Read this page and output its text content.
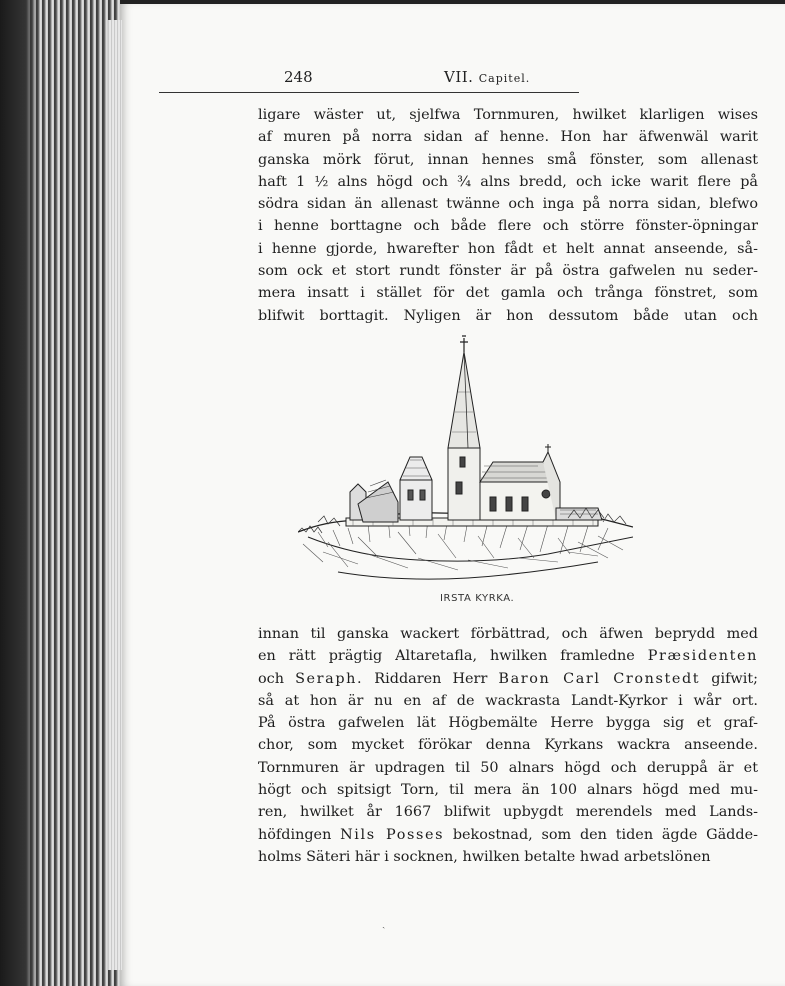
248	VII. Capitel.
ligare wäster ut, sjelfwa Tornmuren, hwilket klarligen wises
af muren på norra sidan af henne. Hon har äfwenwäl warit
ganska mörk förut, innan hennes små fönster, som allenast
haft 1 ½ alns högd och ¾ alns bredd, och icke warit flere på
södra sidan än allenast twänne och inga på norra sidan, blefwo
i henne borttagne och både flere och större fönster-öpningar
i henne gjorde, hwarefter hon fådt et helt annat anseende, så-
som ock et stort rundt fönster är på östra gafwelen nu seder-
mera insatt i stället för det gamla och trånga fönstret, som
blifwit borttagit. Nyligen är hon dessutom både utan och
IRSTA KYRKA.
innan til ganska wackert förbättrad, och äfwen beprydd med
en rätt prägtig Altaretafla, hwilken framledne Præsidenten
och Seraph. Riddaren Herr Baron Carl Cronstedt gifwit;
så at hon är nu en af de wackrasta Landt-Kyrkor i wår ort.
På östra gafwelen lät Högbemälte Herre bygga sig et graf-
chor, som mycket förökar denna Kyrkans wackra anseende.
Tornmuren är updragen til 50 alnars högd och deruppå är et
högt och spitsigt Torn, til mera än 100 alnars högd med mu-
ren, hwilket år 1667 blifwit upbygdt merendels med Lands-
höfdingen Nils Posses bekostnad, som den tiden ägde Gädde-
holms Säteri här i socknen, hwilken betalte hwad arbetslönen
ˏ
